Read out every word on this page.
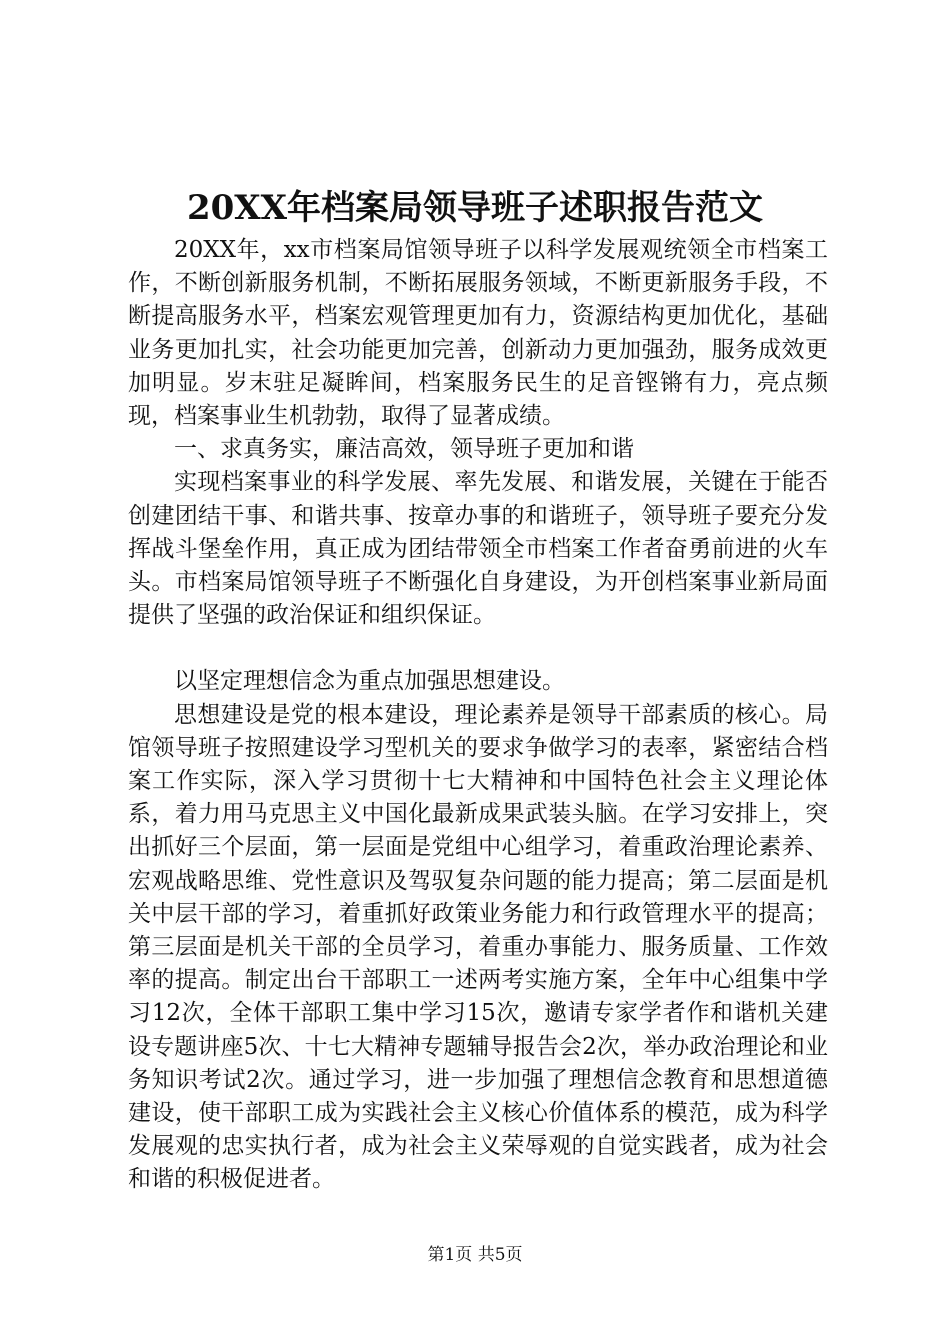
20XX年档案局领导班子述职报告范文

20XX年，xx市档案局馆领导班子以科学发展观统领全市档案工作，不断创新服务机制，不断拓展服务领域，不断更新服务手段，不断提高服务水平，档案宏观管理更加有力，资源结构更加优化，基础业务更加扎实，社会功能更加完善，创新动力更加强劲，服务成效更加明显。岁末驻足凝眸间，档案服务民生的足音铿锵有力，亮点频现，档案事业生机勃勃，取得了显著成绩。

一、求真务实，廉洁高效，领导班子更加和谐

实现档案事业的科学发展、率先发展、和谐发展，关键在于能否创建团结干事、和谐共事、按章办事的和谐班子，领导班子要充分发挥战斗堡垒作用，真正成为团结带领全市档案工作者奋勇前进的火车头。市档案局馆领导班子不断强化自身建设，为开创档案事业新局面提供了坚强的政治保证和组织保证。

以坚定理想信念为重点加强思想建设。

思想建设是党的根本建设，理论素养是领导干部素质的核心。局馆领导班子按照建设学习型机关的要求争做学习的表率，紧密结合档案工作实际，深入学习贯彻十七大精神和中国特色社会主义理论体系，着力用马克思主义中国化最新成果武装头脑。在学习安排上，突出抓好三个层面，第一层面是党组中心组学习，着重政治理论素养、宏观战略思维、党性意识及驾驭复杂问题的能力提高；第二层面是机关中层干部的学习，着重抓好政策业务能力和行政管理水平的提高；第三层面是机关干部的全员学习，着重办事能力、服务质量、工作效率的提高。制定出台干部职工一述两考实施方案，全年中心组集中学习12次，全体干部职工集中学习15次，邀请专家学者作和谐机关建设专题讲座5次、十七大精神专题辅导报告会2次，举办政治理论和业务知识考试2次。通过学习，进一步加强了理想信念教育和思想道德建设，使干部职工成为实践社会主义核心价值体系的模范，成为科学发展观的忠实执行者，成为社会主义荣辱观的自觉实践者，成为社会和谐的积极促进者。

第1页 共5页
